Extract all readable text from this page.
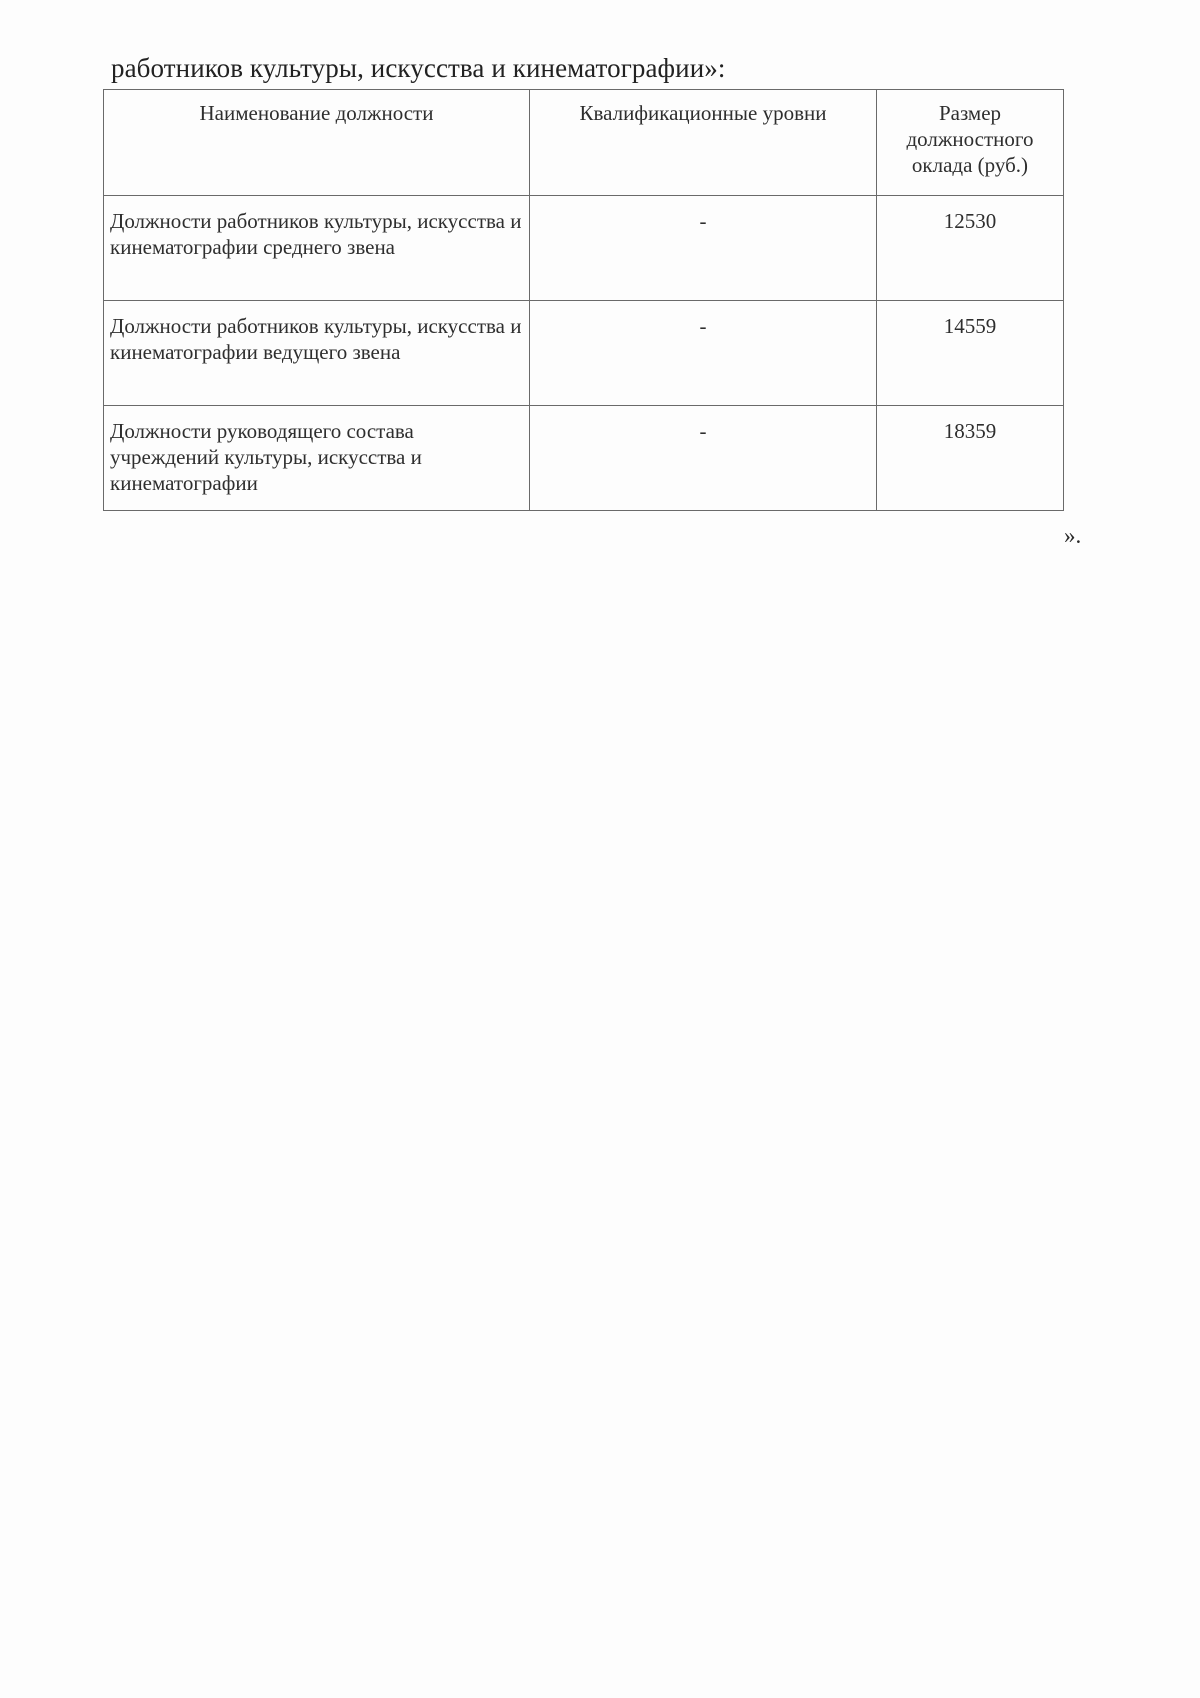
работников культуры, искусства и кинематографии»:
Наименование должности	Квалификационные уровни	Размер должностного оклада (руб.)
Должности работников культуры, искусства и кинематографии среднего звена	-	12530
Должности работников культуры, искусства и кинематографии ведущего звена	-	14559
Должности руководящего состава учреждений культуры, искусства и кинематографии	-	18359
».
